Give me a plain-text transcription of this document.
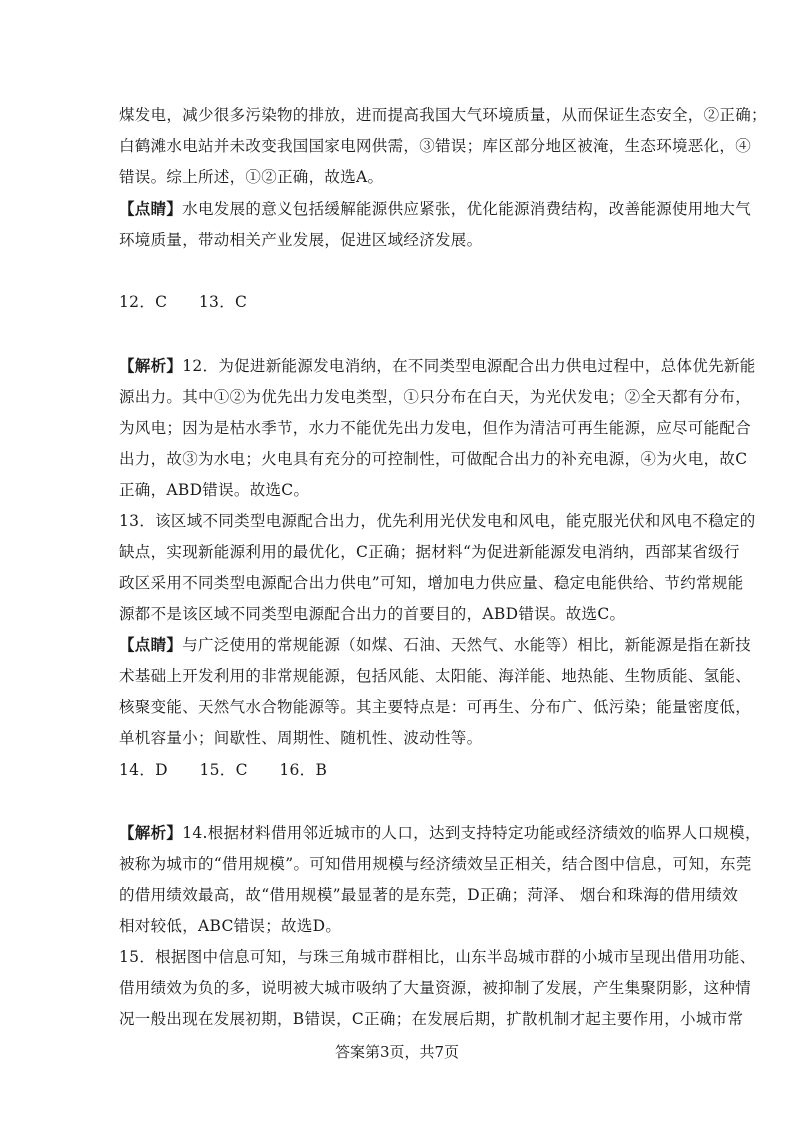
煤发电，减少很多污染物的排放，进而提高我国大气环境质量，从而保证生态安全，②正确；
白鹤滩水电站并未改变我国国家电网供需，③错误；库区部分地区被淹，生态环境恶化，④
错误。综上所述，①②正确，故选A。
【点睛】水电发展的意义包括缓解能源供应紧张，优化能源消费结构，改善能源使用地大气
环境质量，带动相关产业发展，促进区域经济发展。
12．C　　13．C
【解析】12．为促进新能源发电消纳，在不同类型电源配合出力供电过程中，总体优先新能
源出力。其中①②为优先出力发电类型，①只分布在白天，为光伏发电；②全天都有分布，
为风电；因为是枯水季节，水力不能优先出力发电，但作为清洁可再生能源，应尽可能配合
出力，故③为水电；火电具有充分的可控制性，可做配合出力的补充电源，④为火电，故C
正确，ABD错误。故选C。
13．该区域不同类型电源配合出力，优先利用光伏发电和风电，能克服光伏和风电不稳定的
缺点，实现新能源利用的最优化，C正确；据材料“为促进新能源发电消纳，西部某省级行
政区采用不同类型电源配合出力供电”可知，增加电力供应量、稳定电能供给、节约常规能
源都不是该区域不同类型电源配合出力的首要目的，ABD错误。故选C。
【点睛】与广泛使用的常规能源（如煤、石油、天然气、水能等）相比，新能源是指在新技
术基础上开发利用的非常规能源，包括风能、太阳能、海洋能、地热能、生物质能、氢能、
核聚变能、天然气水合物能源等。其主要特点是：可再生、分布广、低污染；能量密度低，
单机容量小；间歇性、周期性、随机性、波动性等。
14．D　　15．C　　16．B
【解析】14.根据材料借用邻近城市的人口，达到支持特定功能或经济绩效的临界人口规模，
被称为城市的“借用规模”。可知借用规模与经济绩效呈正相关，结合图中信息，可知，东莞
的借用绩效最高，故“借用规模”最显著的是东莞，D正确；菏泽、 烟台和珠海的借用绩效
相对较低，ABC错误；故选D。
15．根据图中信息可知，与珠三角城市群相比，山东半岛城市群的小城市呈现出借用功能、
借用绩效为负的多，说明被大城市吸纳了大量资源，被抑制了发展，产生集聚阴影，这种情
况一般出现在发展初期，B错误，C正确；在发展后期，扩散机制才起主要作用，小城市常
答案第3页，共7页
